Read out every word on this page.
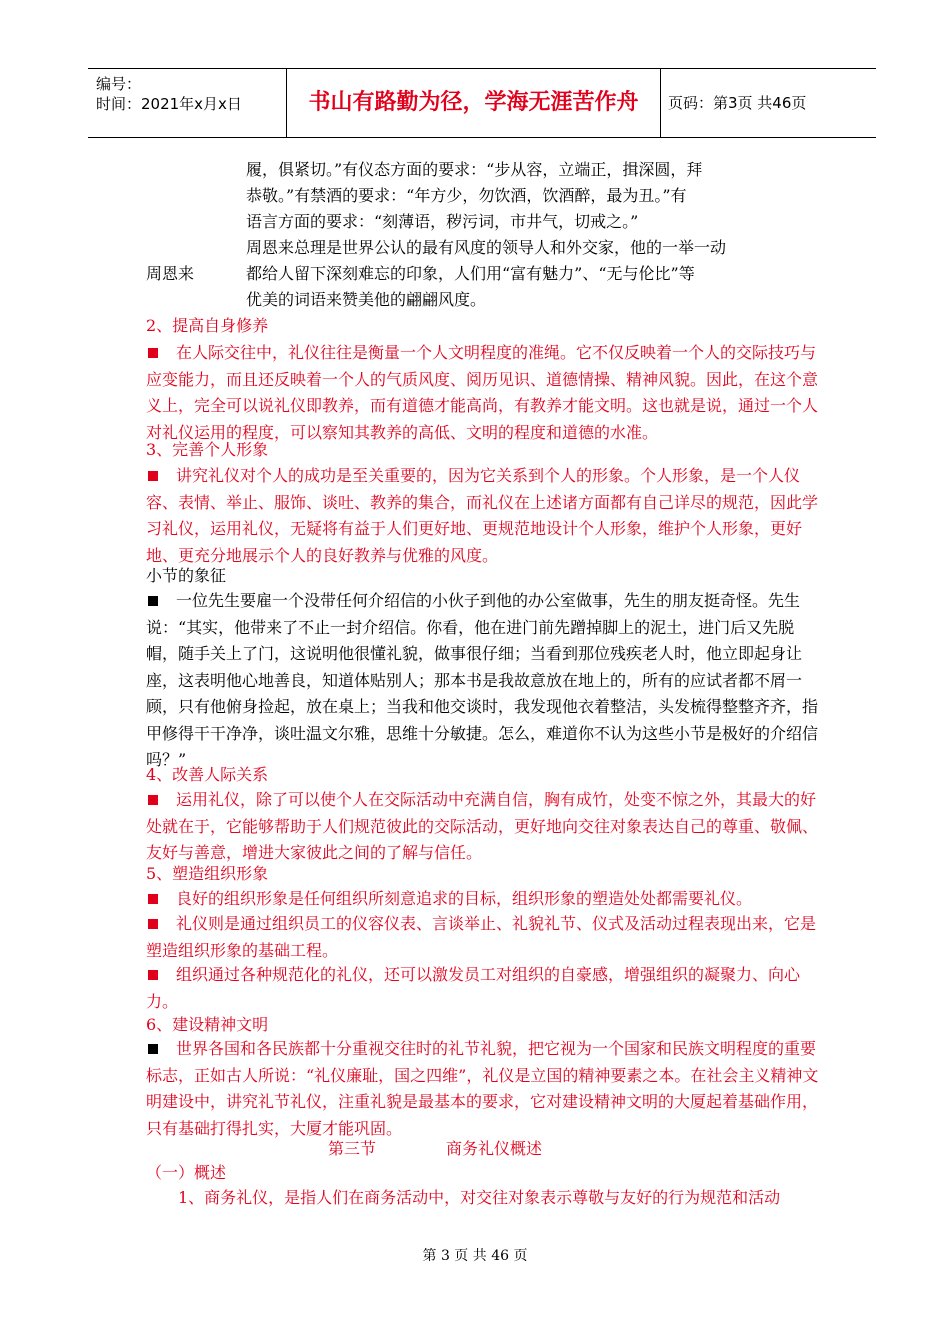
编号：
时间：2021年x月x日	书山有路勤为径，学海无涯苦作舟	页码：第3页 共46页
履，俱紧切。”有仪态方面的要求：“步从容，立端正，揖深圆，拜
恭敬。”有禁酒的要求：“年方少，勿饮酒，饮酒醉，最为丑。”有
语言方面的要求：“刻薄语，秽污词，市井气，切戒之。”
周恩来总理是世界公认的最有风度的领导人和外交家，他的一举一动
都给人留下深刻难忘的印象，人们用“富有魅力”、“无与伦比”等
优美的词语来赞美他的翩翩风度。
周恩来
2、提高自身修养
在人际交往中，礼仪往往是衡量一个人文明程度的准绳。它不仅反映着一个人的交际技巧与应变能力，而且还反映着一个人的气质风度、阅历见识、道德情操、精神风貌。因此，在这个意义上，完全可以说礼仪即教养，而有道德才能高尚，有教养才能文明。这也就是说，通过一个人对礼仪运用的程度，可以察知其教养的高低、文明的程度和道德的水准。
3、完善个人形象
讲究礼仪对个人的成功是至关重要的，因为它关系到个人的形象。个人形象，是一个人仪容、表情、举止、服饰、谈吐、教养的集合，而礼仪在上述诸方面都有自己详尽的规范，因此学习礼仪，运用礼仪，无疑将有益于人们更好地、更规范地设计个人形象，维护个人形象，更好地、更充分地展示个人的良好教养与优雅的风度。
小节的象征
一位先生要雇一个没带任何介绍信的小伙子到他的办公室做事，先生的朋友挺奇怪。先生说：“其实，他带来了不止一封介绍信。你看，他在进门前先蹭掉脚上的泥土，进门后又先脱帽，随手关上了门，这说明他很懂礼貌，做事很仔细；当看到那位残疾老人时，他立即起身让座，这表明他心地善良，知道体贴别人；那本书是我故意放在地上的，所有的应试者都不屑一顾，只有他俯身捡起，放在桌上；当我和他交谈时，我发现他衣着整洁，头发梳得整整齐齐，指甲修得干干净净，谈吐温文尔雅，思维十分敏捷。怎么，难道你不认为这些小节是极好的介绍信吗？”
4、改善人际关系
运用礼仪，除了可以使个人在交际活动中充满自信，胸有成竹，处变不惊之外，其最大的好处就在于，它能够帮助于人们规范彼此的交际活动，更好地向交往对象表达自己的尊重、敬佩、友好与善意，增进大家彼此之间的了解与信任。
5、塑造组织形象
良好的组织形象是任何组织所刻意追求的目标，组织形象的塑造处处都需要礼仪。
礼仪则是通过组织员工的仪容仪表、言谈举止、礼貌礼节、仪式及活动过程表现出来，它是塑造组织形象的基础工程。
组织通过各种规范化的礼仪，还可以激发员工对组织的自豪感，增强组织的凝聚力、向心力。
6、建设精神文明
世界各国和各民族都十分重视交往时的礼节礼貌，把它视为一个国家和民族文明程度的重要标志，正如古人所说：“礼仪廉耻，国之四维”，礼仪是立国的精神要素之本。在社会主义精神文明建设中，讲究礼节礼仪，注重礼貌是最基本的要求，它对建设精神文明的大厦起着基础作用，只有基础打得扎实，大厦才能巩固。
第三节	商务礼仪概述
（一）概述
1、商务礼仪，是指人们在商务活动中，对交往对象表示尊敬与友好的行为规范和活动
第 3 页 共 46 页
